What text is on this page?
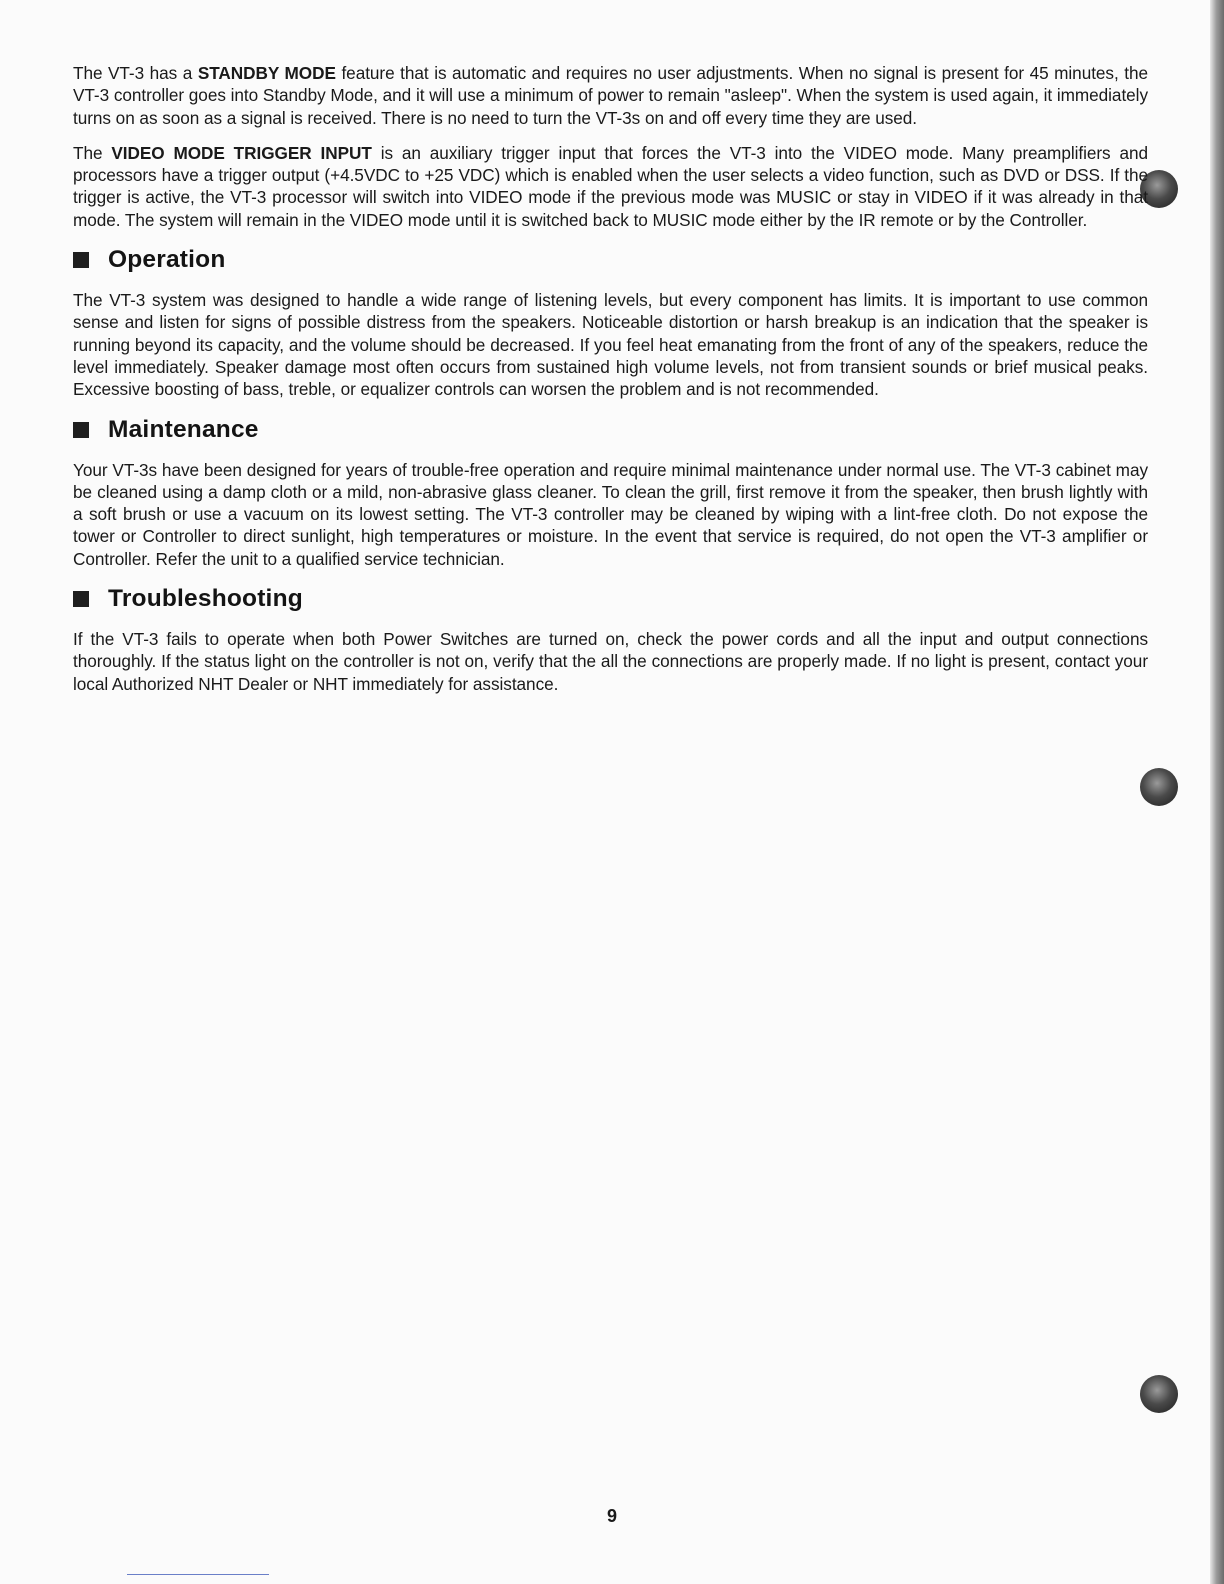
The VT-3 has a STANDBY MODE feature that is automatic and requires no user adjustments. When no signal is present for 45 minutes, the VT-3 controller goes into Standby Mode, and it will use a minimum of power to remain "asleep". When the system is used again, it immediately turns on as soon as a signal is received. There is no need to turn the VT-3s on and off every time they are used.

The VIDEO MODE TRIGGER INPUT is an auxiliary trigger input that forces the VT-3 into the VIDEO mode. Many preamplifiers and processors have a trigger output (+4.5VDC to +25 VDC) which is enabled when the user selects a video function, such as DVD or DSS. If the trigger is active, the VT-3 processor will switch into VIDEO mode if the previous mode was MUSIC or stay in VIDEO if it was already in that mode. The system will remain in the VIDEO mode until it is switched back to MUSIC mode either by the IR remote or by the Controller.

Operation

The VT-3 system was designed to handle a wide range of listening levels, but every component has limits. It is important to use common sense and listen for signs of possible distress from the speakers. Noticeable distortion or harsh breakup is an indication that the speaker is running beyond its capacity, and the volume should be decreased. If you feel heat emanating from the front of any of the speakers, reduce the level immediately. Speaker damage most often occurs from sustained high volume levels, not from transient sounds or brief musical peaks. Excessive boosting of bass, treble, or equalizer controls can worsen the problem and is not recommended.

Maintenance

Your VT-3s have been designed for years of trouble-free operation and require minimal maintenance under normal use. The VT-3 cabinet may be cleaned using a damp cloth or a mild, non-abrasive glass cleaner. To clean the grill, first remove it from the speaker, then brush lightly with a soft brush or use a vacuum on its lowest setting. The VT-3 controller may be cleaned by wiping with a lint-free cloth. Do not expose the tower or Controller to direct sunlight, high temperatures or moisture. In the event that service is required, do not open the VT-3 amplifier or Controller. Refer the unit to a qualified service technician.

Troubleshooting

If the VT-3 fails to operate when both Power Switches are turned on, check the power cords and all the input and output connections thoroughly. If the status light on the controller is not on, verify that the all the connections are properly made. If no light is present, contact your local Authorized NHT Dealer or NHT immediately for assistance.

9
